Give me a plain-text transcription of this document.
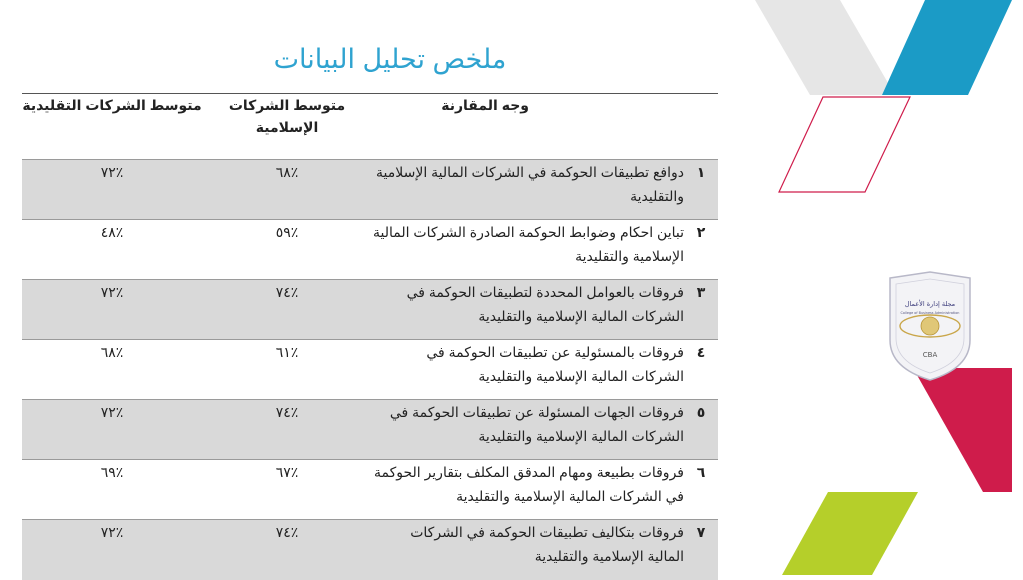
ملخص تحليل البيانات
	وجه المقارنة	متوسط الشركات الإسلامية	متوسط الشركات التقليدية
١	دوافع تطبيقات الحوكمة في الشركات المالية الإسلامية والتقليدية	٪٦٨	٪٧٢
٢	تباين احكام وضوابط الحوكمة الصادرة الشركات المالية الإسلامية والتقليدية	٪٥٩	٪٤٨
٣	فروقات بالعوامل المحددة لتطبيقات الحوكمة في الشركات المالية الإسلامية والتقليدية	٪٧٤	٪٧٢
٤	فروقات بالمسئولية عن تطبيقات الحوكمة في الشركات المالية الإسلامية والتقليدية	٪٦١	٪٦٨
٥	فروقات الجهات المسئولة عن تطبيقات الحوكمة في الشركات المالية الإسلامية والتقليدية	٪٧٤	٪٧٢
٦	فروقات بطبيعة ومهام المدقق المكلف بتقارير الحوكمة في الشركات المالية الإسلامية والتقليدية	٪٦٧	٪٦٩
٧	فروقات بتكاليف تطبيقات الحوكمة في الشركات المالية الإسلامية والتقليدية	٪٧٤	٪٧٢
مجلة إدارة الأعمال
College of Business Administration
CBA
